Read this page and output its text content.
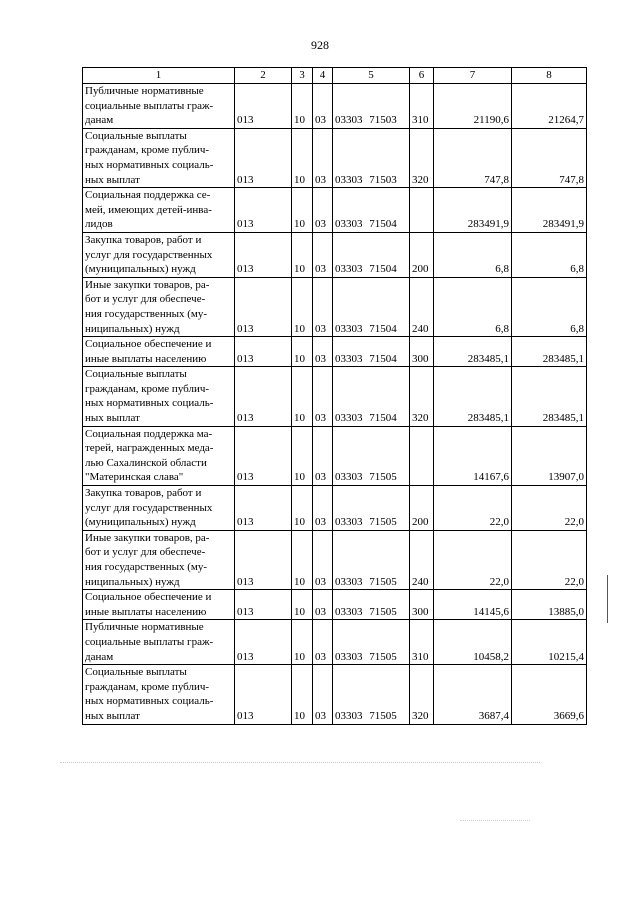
928
1	2	3	4	5	6	7	8

Публичные нормативные
социальные выплаты граж-
данам	013	10	03	03303 71503	310	21190,6	21264,7

Социальные выплаты
гражданам, кроме публич-
ных нормативных социаль-
ных выплат	013	10	03	03303 71503	320	747,8	747,8

Социальная поддержка се-
мей, имеющих детей-инва-
лидов	013	10	03	03303 71504		283491,9	283491,9

Закупка товаров, работ и
услуг для государственных
(муниципальных) нужд	013	10	03	03303 71504	200	6,8	6,8

Иные закупки товаров, ра-
бот и услуг для обеспече-
ния государственных (му-
ниципальных) нужд	013	10	03	03303 71504	240	6,8	6,8

Социальное обеспечение и
иные выплаты населению	013	10	03	03303 71504	300	283485,1	283485,1

Социальные выплаты
гражданам, кроме публич-
ных нормативных социаль-
ных выплат	013	10	03	03303 71504	320	283485,1	283485,1

Социальная поддержка ма-
терей, награжденных меда-
лью Сахалинской области
"Материнская слава"	013	10	03	03303 71505		14167,6	13907,0

Закупка товаров, работ и
услуг для государственных
(муниципальных) нужд	013	10	03	03303 71505	200	22,0	22,0

Иные закупки товаров, ра-
бот и услуг для обеспече-
ния государственных (му-
ниципальных) нужд	013	10	03	03303 71505	240	22,0	22,0

Социальное обеспечение и
иные выплаты населению	013	10	03	03303 71505	300	14145,6	13885,0

Публичные нормативные
социальные выплаты граж-
данам	013	10	03	03303 71505	310	10458,2	10215,4

Социальные выплаты
гражданам, кроме публич-
ных нормативных социаль-
ных выплат	013	10	03	03303 71505	320	3687,4	3669,6
